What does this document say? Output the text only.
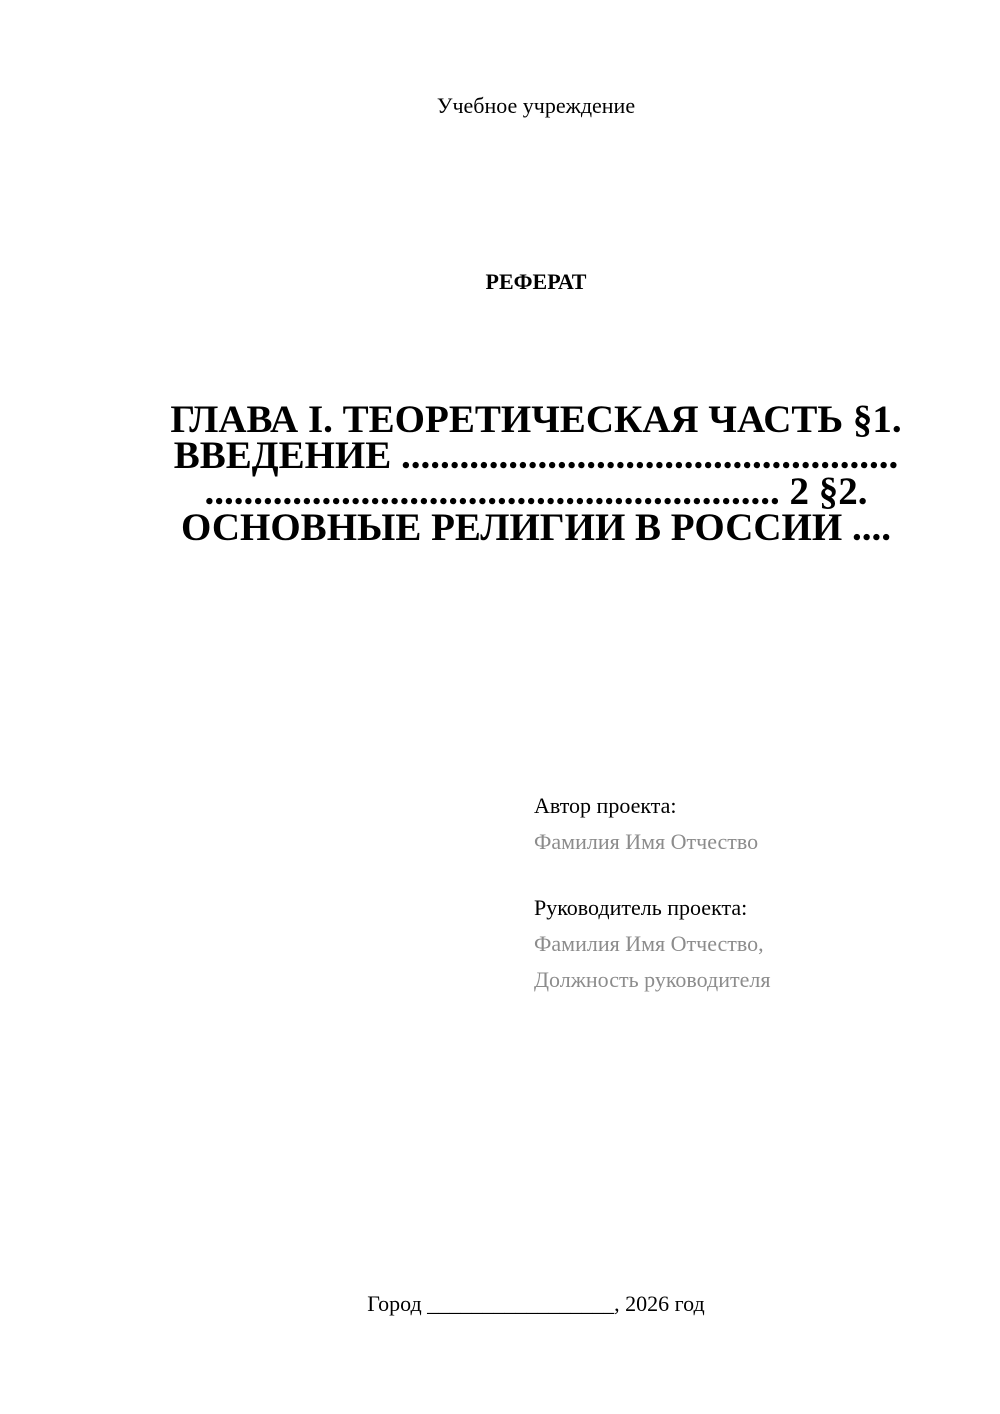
Учебное учреждение
РЕФЕРАТ
ГЛАВА I. ТЕОРЕТИЧЕСКАЯ ЧАСТЬ §1.
ВВЕДЕНИЕ ...................................................
........................................................... 2 §2.
ОСНОВНЫЕ РЕЛИГИИ В РОССИИ ....
Автор проекта:
Фамилия Имя Отчество
Руководитель проекта:
Фамилия Имя Отчество,
Должность руководителя
Город _________________, 2026 год
